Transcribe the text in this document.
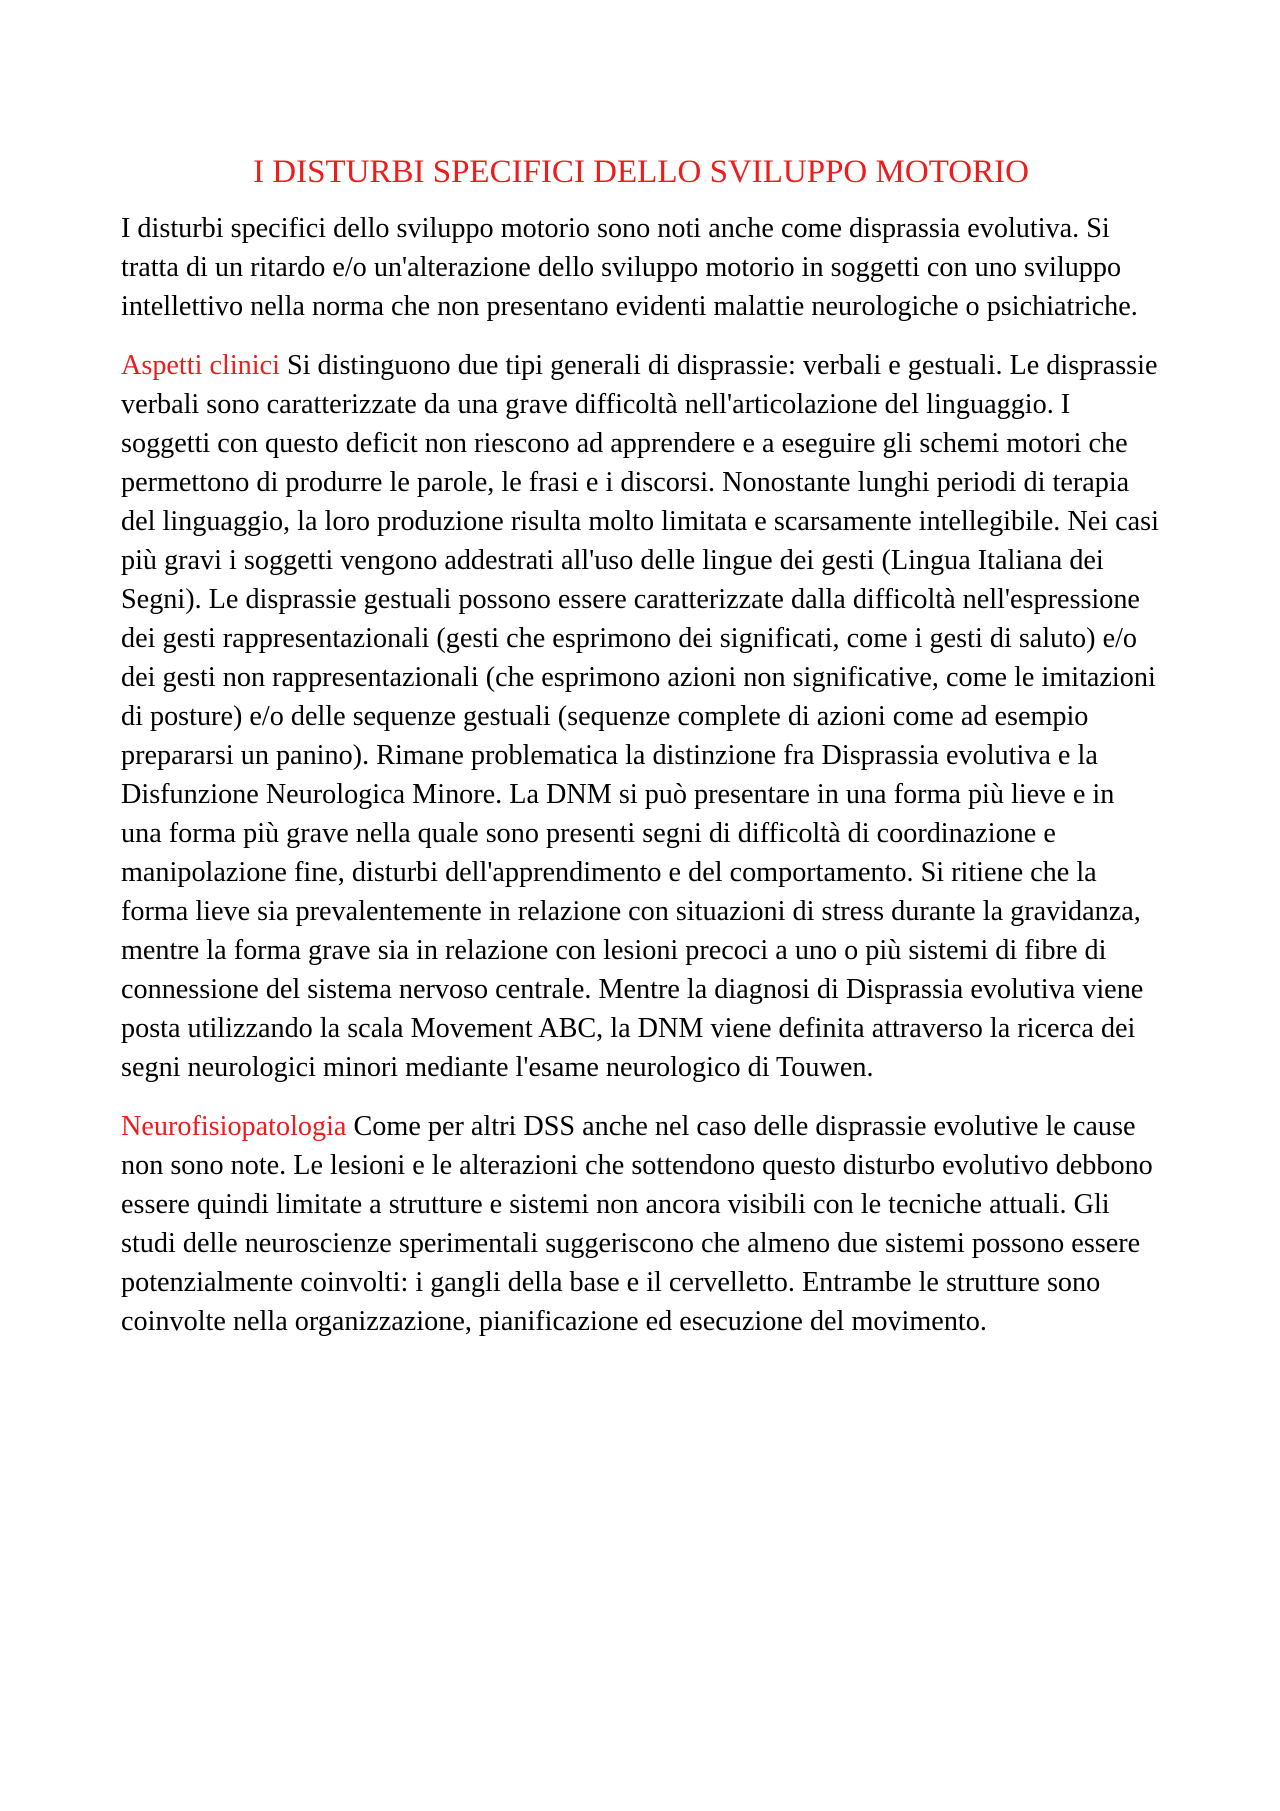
I DISTURBI SPECIFICI DELLO SVILUPPO MOTORIO

I disturbi specifici dello sviluppo motorio sono noti anche come disprassia evolutiva. Si tratta di un ritardo e/o un'alterazione dello sviluppo motorio in soggetti con uno sviluppo intellettivo nella norma che non presentano evidenti malattie neurologiche o psichiatriche.

Aspetti clinici Si distinguono due tipi generali di disprassie: verbali e gestuali. Le disprassie verbali sono caratterizzate da una grave difficoltà nell'articolazione del linguaggio. I soggetti con questo deficit non riescono ad apprendere e a eseguire gli schemi motori che permettono di produrre le parole, le frasi e i discorsi. Nonostante lunghi periodi di terapia del linguaggio, la loro produzione risulta molto limitata e scarsamente intellegibile. Nei casi più gravi i soggetti vengono addestrati all'uso delle lingue dei gesti (Lingua Italiana dei Segni). Le disprassie gestuali possono essere caratterizzate dalla difficoltà nell'espressione dei gesti rappresentazionali (gesti che esprimono dei significati, come i gesti di saluto) e/o dei gesti non rappresentazionali (che esprimono azioni non significative, come le imitazioni di posture) e/o delle sequenze gestuali (sequenze complete di azioni come ad esempio prepararsi un panino). Rimane problematica la distinzione fra Disprassia evolutiva e la Disfunzione Neurologica Minore. La DNM si può presentare in una forma più lieve e in una forma più grave nella quale sono presenti segni di difficoltà di coordinazione e manipolazione fine, disturbi dell'apprendimento e del comportamento. Si ritiene che la forma lieve sia prevalentemente in relazione con situazioni di stress durante la gravidanza, mentre la forma grave sia in relazione con lesioni precoci a uno o più sistemi di fibre di connessione del sistema nervoso centrale. Mentre la diagnosi di Disprassia evolutiva viene posta utilizzando la scala Movement ABC, la DNM viene definita attraverso la ricerca dei segni neurologici minori mediante l'esame neurologico di Touwen.

Neurofisiopatologia Come per altri DSS anche nel caso delle disprassie evolutive le cause non sono note. Le lesioni e le alterazioni che sottendono questo disturbo evolutivo debbono essere quindi limitate a strutture e sistemi non ancora visibili con le tecniche attuali. Gli studi delle neuroscienze sperimentali suggeriscono che almeno due sistemi possono essere potenzialmente coinvolti: i gangli della base e il cervelletto. Entrambe le strutture sono coinvolte nella organizzazione, pianificazione ed esecuzione del movimento.
